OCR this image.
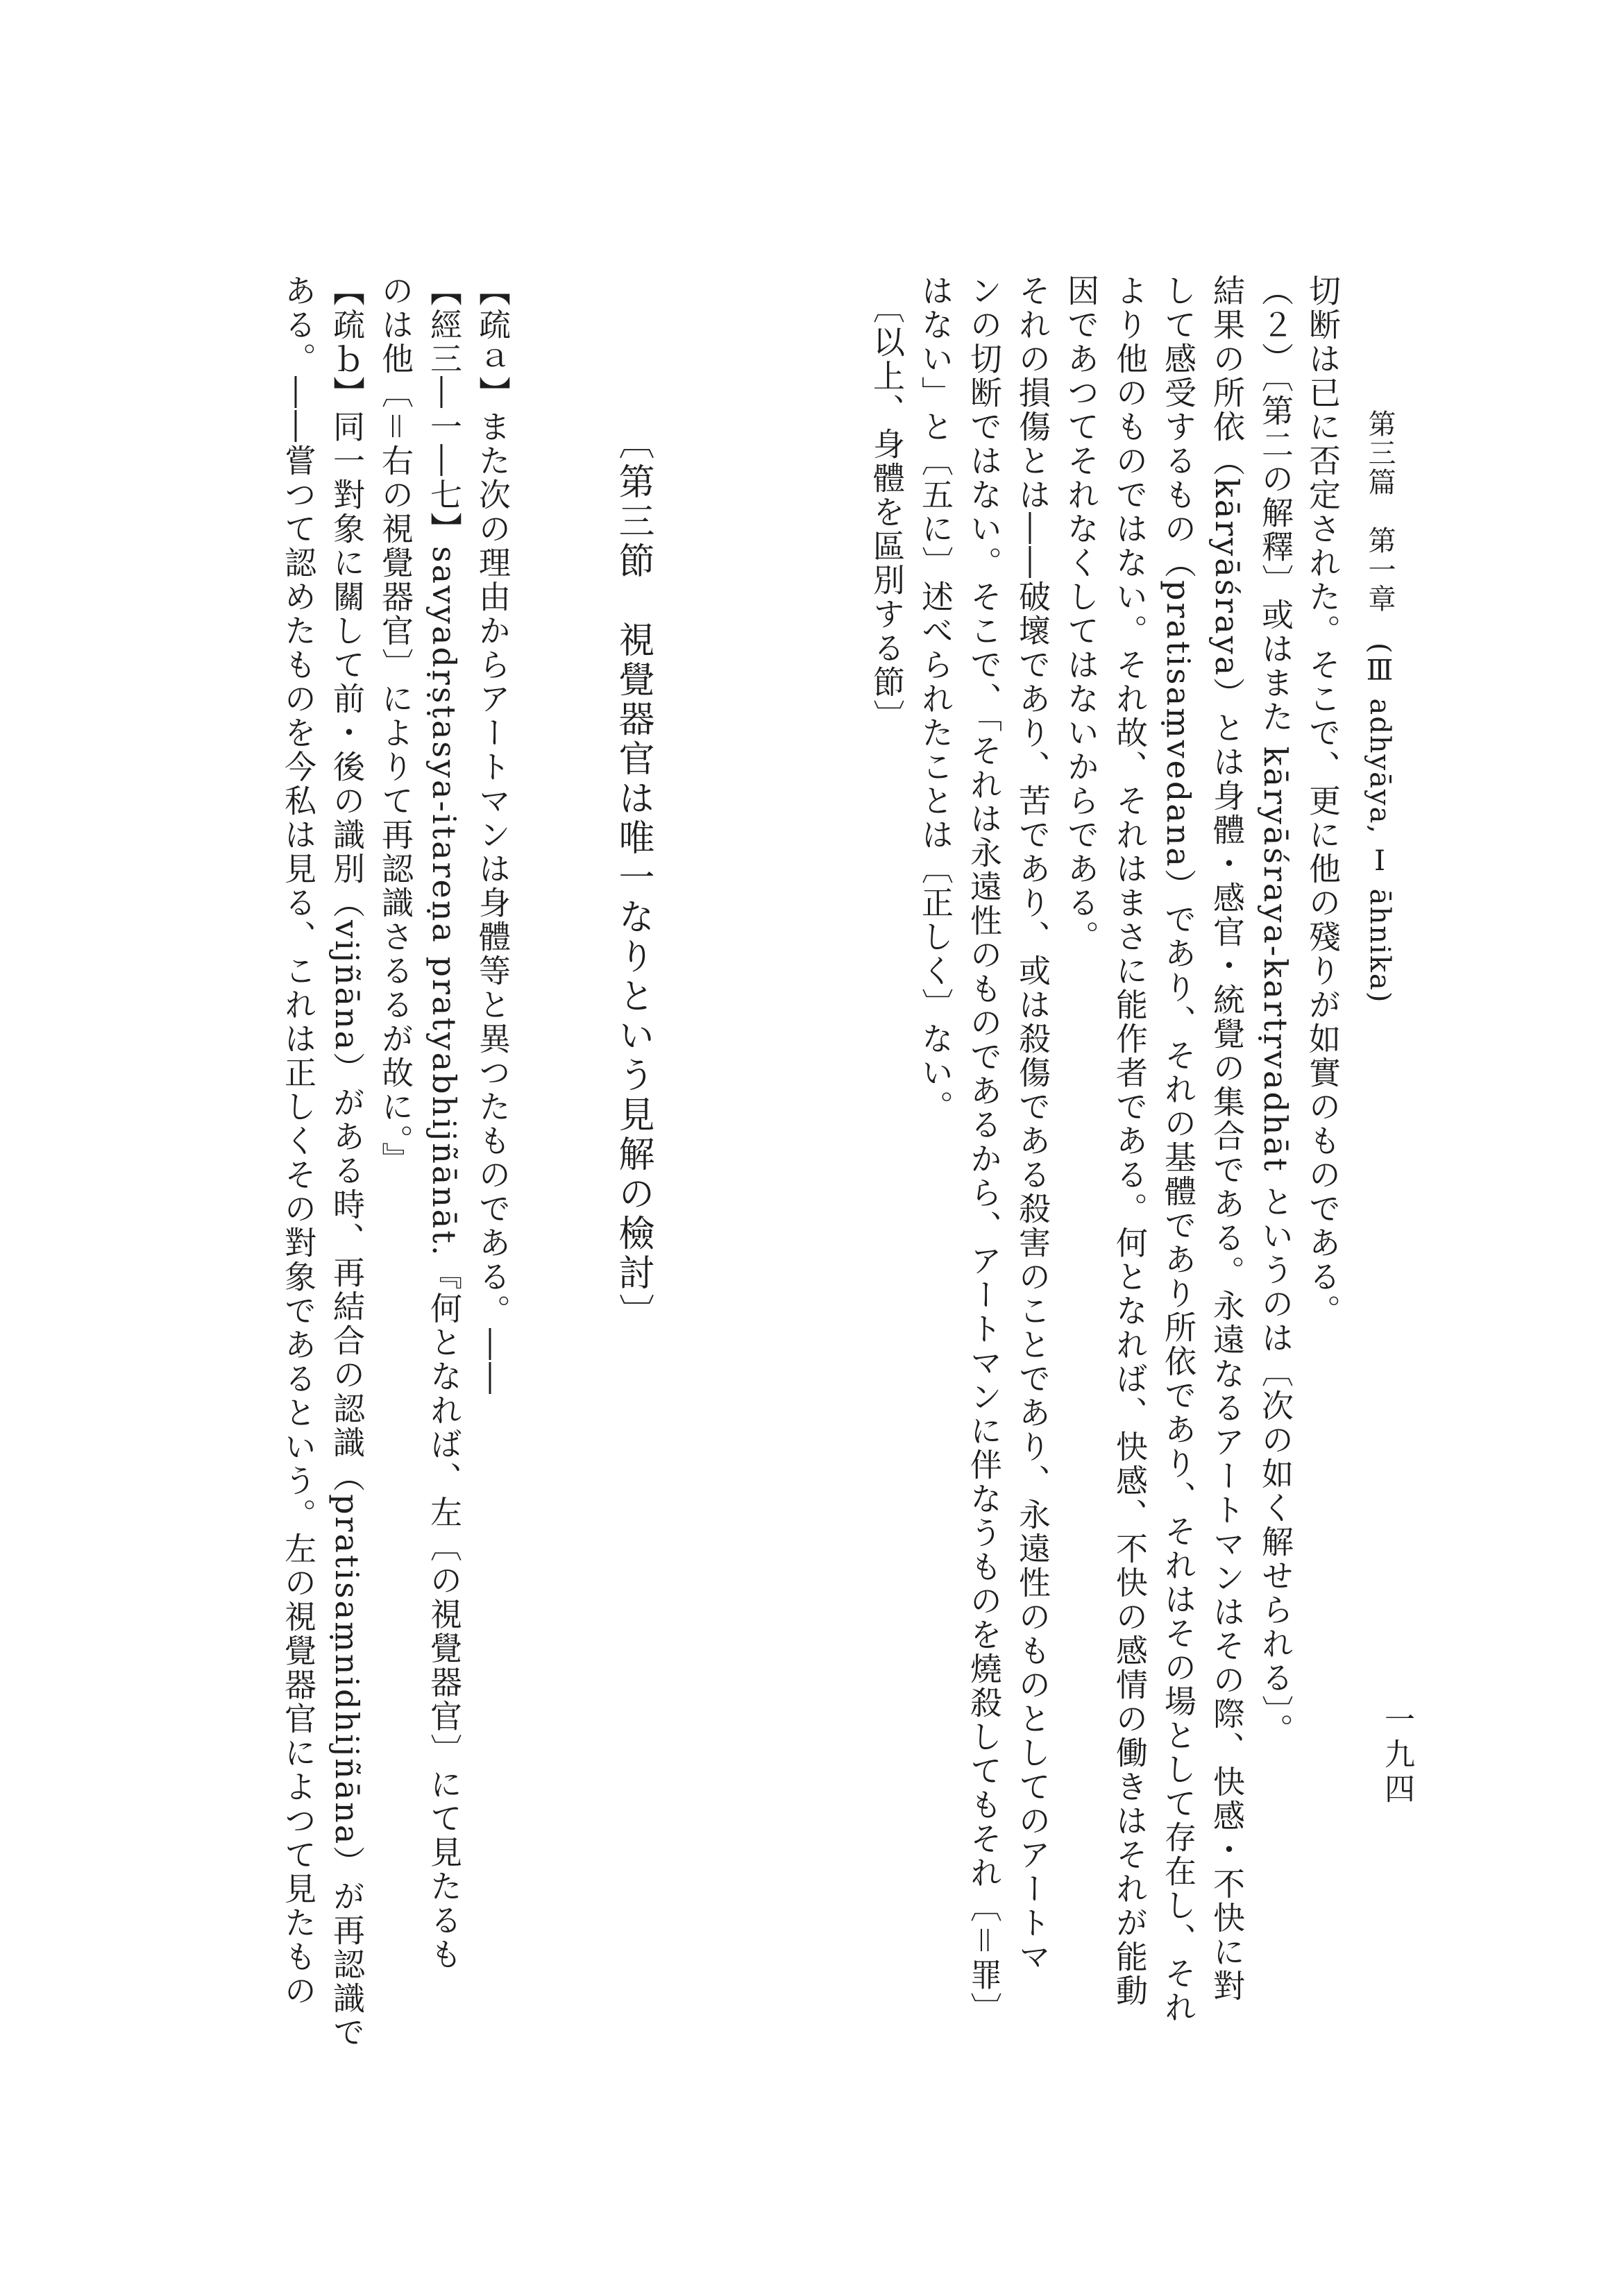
第三篇　第一章　(Ⅲ adhyāya, Ⅰ āhnika)
一九四
切断は已に否定された。そこで、更に他の殘りが如實のものである。
（２）〔第二の解釋〕或はまた kāryāśraya-kartṛvadhāt というのは〔次の如く解せられる〕。
結果の所依（kāryāśraya）とは身體・感官・統覺の集合である。永遠なるアートマンはその際、快感・不快に對
して感受するもの（pratisaṃvedana）であり、それの基體であり所依であり、それはその場として存在し、それ
より他のものではない。それ故、それはまさに能作者である。何となれば、快感、不快の感情の働きはそれが能動
因であつてそれなくしてはないからである。
それの損傷とは――破壞であり、苦であり、或は殺傷である殺害のことであり、永遠性のものとしてのアートマ
ンの切断ではない。そこで、「それは永遠性のものであるから、アートマンに伴なうものを燒殺してもそれ〔＝罪〕
はない」と〔五に〕述べられたことは〔正しく〕ない。
〔以上、身體を區別する節〕
〔第三節　視覺器官は唯一なりという見解の檢討〕
【疏ａ】また次の理由からアートマンは身體等と異つたものである。――
【經三―一―七】savyadṛṣṭasya-itareṇa pratyabhijñānāt.『何となれば、左〔の視覺器官〕にて見たるも
のは他〔＝右の視覺器官〕によりて再認識さるるが故に。』
【疏ｂ】同一對象に關して前・後の識別（vijñāna）がある時、再結合の認識（pratisaṃnidhijñāna）が再認識で
ある。――嘗つて認めたものを今私は見る、これは正しくその對象であるという。左の視覺器官によつて見たもの
